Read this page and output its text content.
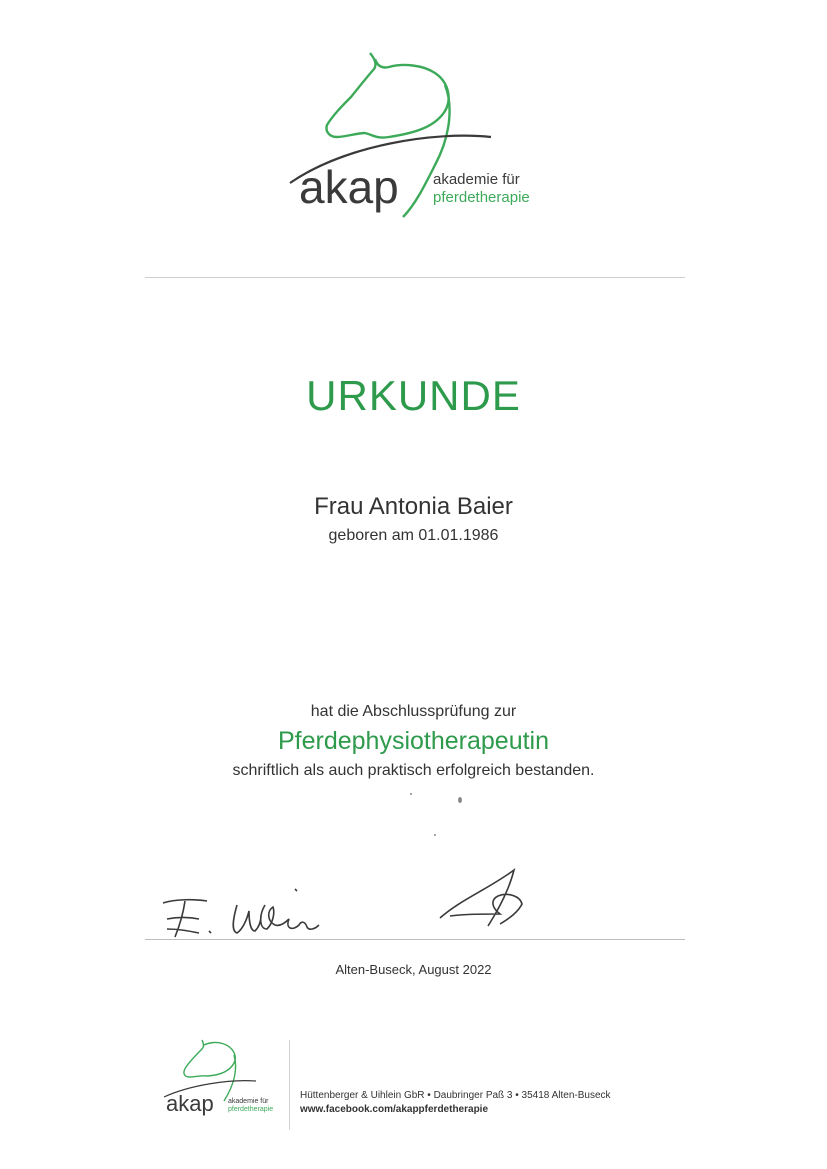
akap akademie für
pferdetherapie
URKUNDE
Frau Antonia Baier
geboren am 01.01.1986
hat die Abschlussprüfung zur
Pferdephysiotherapeutin
schriftlich als auch praktisch erfolgreich bestanden.
Alten-Buseck, August 2022
akap akademie für
pferdetherapie
Hüttenberger & Uihlein GbR • Daubringer Paß 3 • 35418 Alten-Buseck
www.facebook.com/akappferdetherapie
